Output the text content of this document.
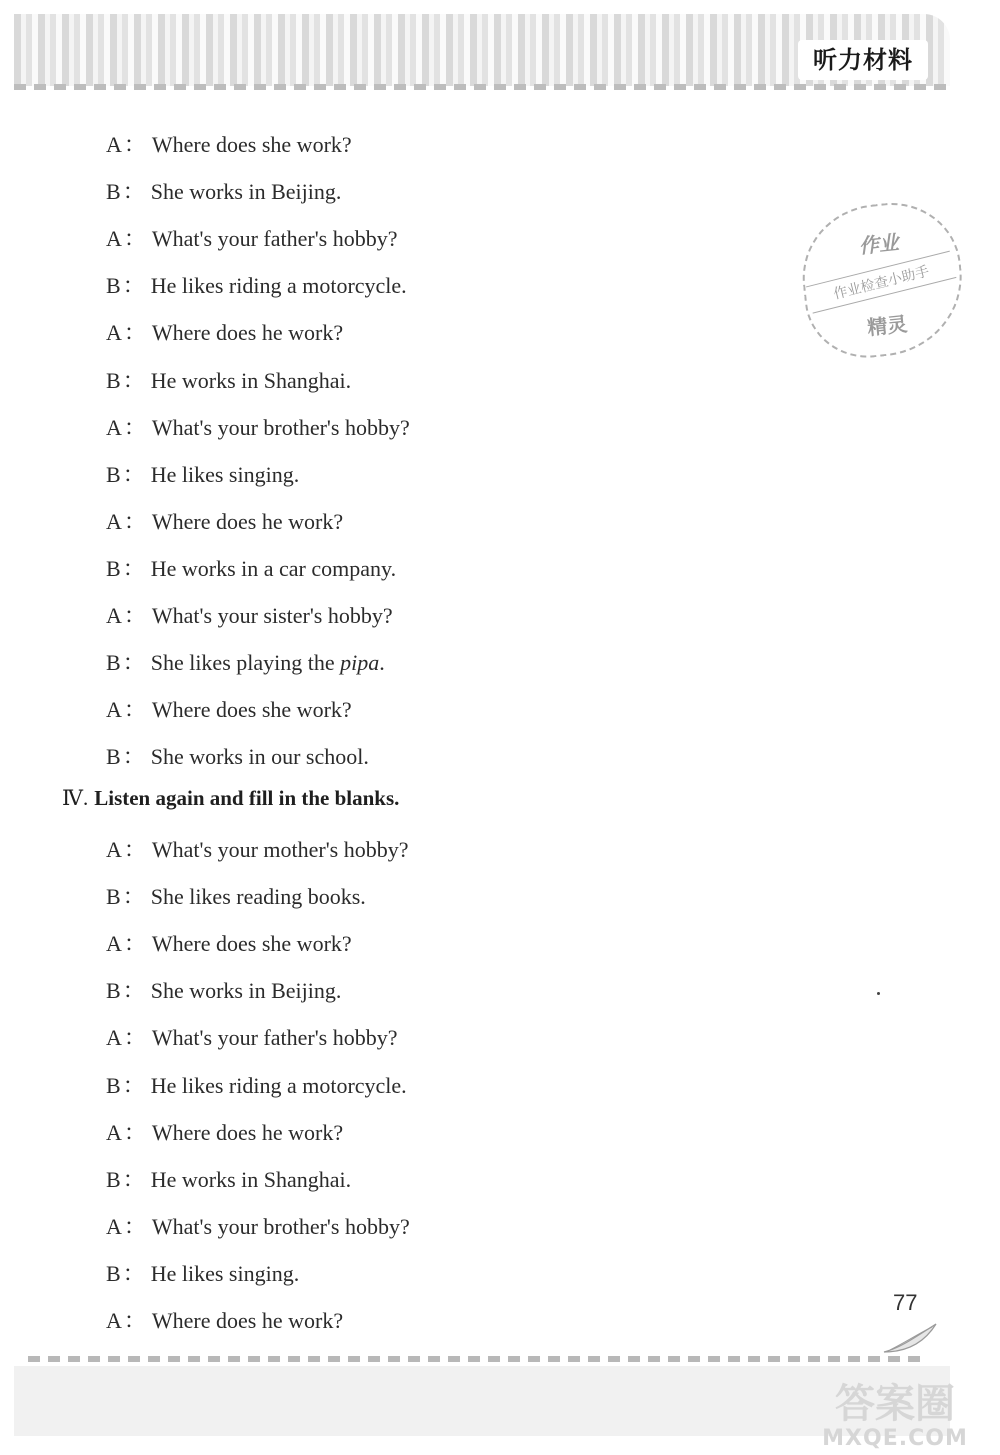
听力材料
A： Where does she work?
B： She works in Beijing.
A： What's your father's hobby?
B： He likes riding a motorcycle.
A： Where does he work?
B： He works in Shanghai.
A： What's your brother's hobby?
B： He likes singing.
A： Where does he work?
B： He works in a car company.
A： What's your sister's hobby?
B： She likes playing the pipa.
A： Where does she work?
B： She works in our school.
Ⅳ. Listen again and fill in the blanks.
A： What's your mother's hobby?
B： She likes reading books.
A： Where does she work?
B： She works in Beijing.
A： What's your father's hobby?
B： He likes riding a motorcycle.
A： Where does he work?
B： He works in Shanghai.
A： What's your brother's hobby?
B： He likes singing.
A： Where does he work?
作业
作业检查小助手
精灵
77
答案圈
MXQE.COM
